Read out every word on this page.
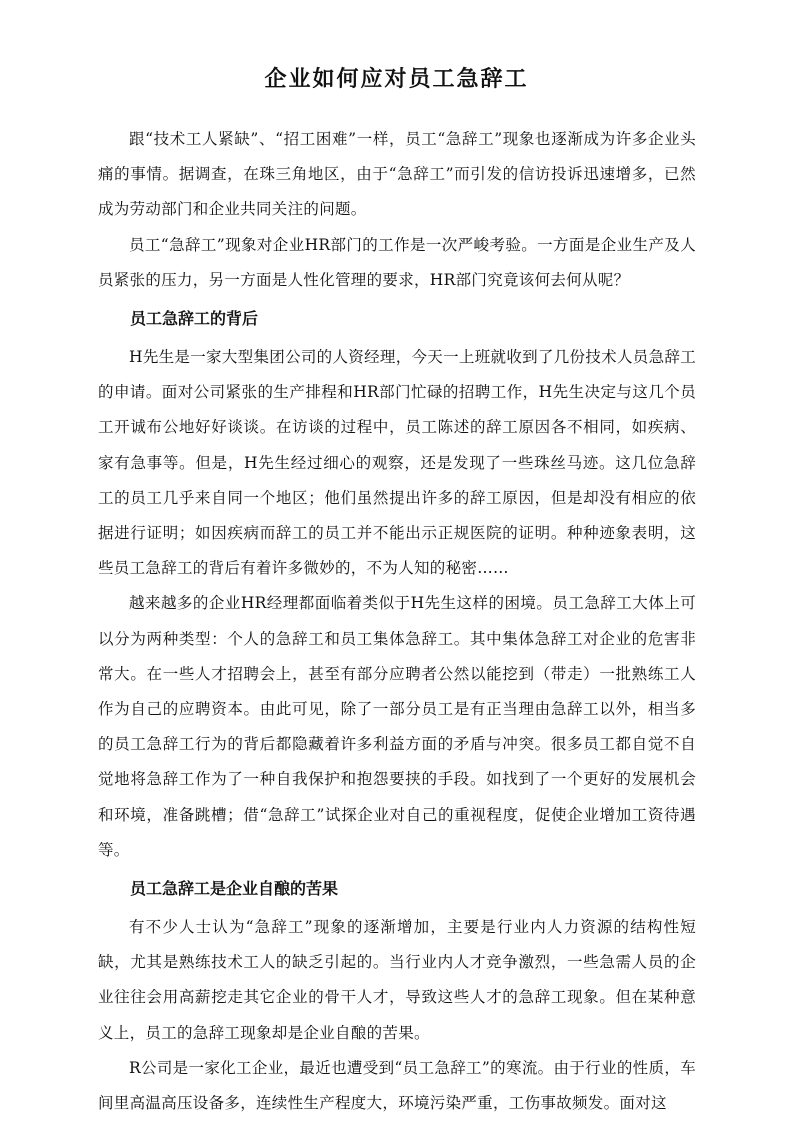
企业如何应对员工急辞工

跟“技术工人紧缺”、“招工困难”一样，员工“急辞工”现象也逐渐成为许多企业头痛的事情。据调查，在珠三角地区，由于“急辞工”而引发的信访投诉迅速增多，已然成为劳动部门和企业共同关注的问题。

员工“急辞工”现象对企业HR部门的工作是一次严峻考验。一方面是企业生产及人员紧张的压力，另一方面是人性化管理的要求，HR部门究竟该何去何从呢？

员工急辞工的背后

H先生是一家大型集团公司的人资经理，今天一上班就收到了几份技术人员急辞工的申请。面对公司紧张的生产排程和HR部门忙碌的招聘工作，H先生决定与这几个员工开诚布公地好好谈谈。在访谈的过程中，员工陈述的辞工原因各不相同，如疾病、家有急事等。但是，H先生经过细心的观察，还是发现了一些珠丝马迹。这几位急辞工的员工几乎来自同一个地区；他们虽然提出许多的辞工原因，但是却没有相应的依据进行证明；如因疾病而辞工的员工并不能出示正规医院的证明。种种迹象表明，这些员工急辞工的背后有着许多微妙的，不为人知的秘密……

越来越多的企业HR经理都面临着类似于H先生这样的困境。员工急辞工大体上可以分为两种类型：个人的急辞工和员工集体急辞工。其中集体急辞工对企业的危害非常大。在一些人才招聘会上，甚至有部分应聘者公然以能挖到（带走）一批熟练工人作为自己的应聘资本。由此可见，除了一部分员工是有正当理由急辞工以外，相当多的员工急辞工行为的背后都隐藏着许多利益方面的矛盾与冲突。很多员工都自觉不自觉地将急辞工作为了一种自我保护和抱怨要挟的手段。如找到了一个更好的发展机会和环境，准备跳槽；借“急辞工”试探企业对自己的重视程度，促使企业增加工资待遇等。

员工急辞工是企业自酿的苦果

有不少人士认为“急辞工”现象的逐渐增加，主要是行业内人力资源的结构性短缺，尤其是熟练技术工人的缺乏引起的。当行业内人才竞争激烈，一些急需人员的企业往往会用高薪挖走其它企业的骨干人才，导致这些人才的急辞工现象。但在某种意义上，员工的急辞工现象却是企业自酿的苦果。

R公司是一家化工企业，最近也遭受到“员工急辞工”的寒流。由于行业的性质，车间里高温高压设备多，连续性生产程度大，环境污染严重，工伤事故频发。面对这
